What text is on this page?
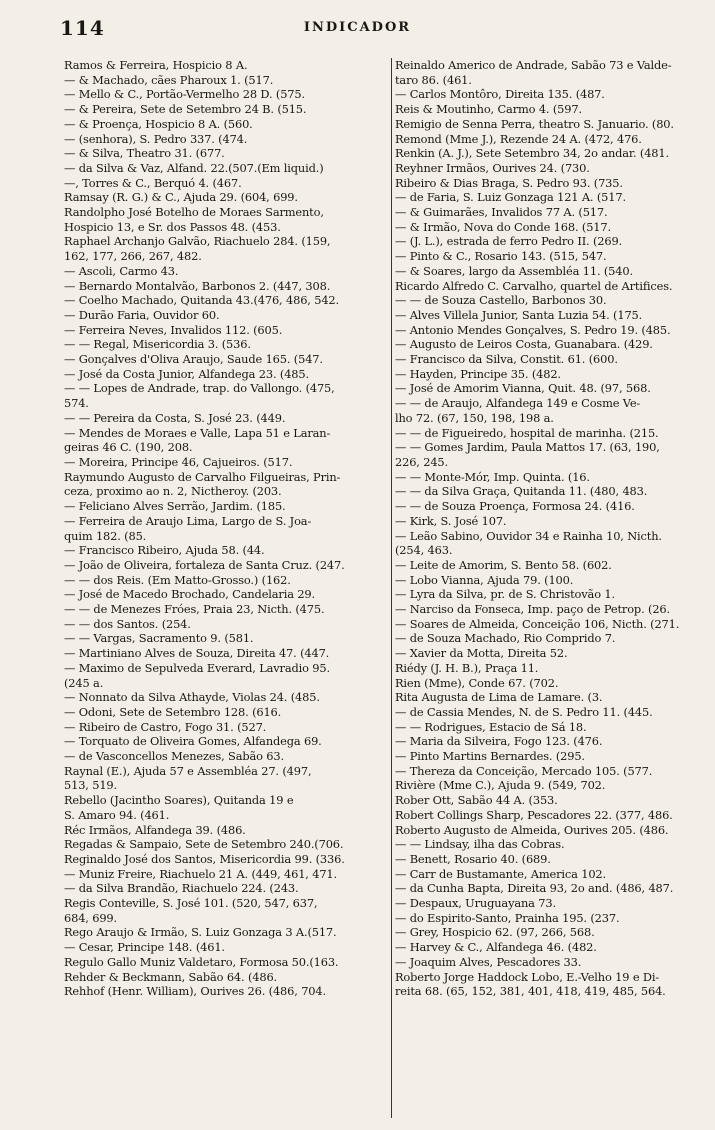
114	INDICADOR
Ramos & Ferreira, Hospicio 8 A.
— & Machado, cães Pharoux 1. (517.
— Mello & C., Portão-Vermelho 28 D. (575.
— & Pereira, Sete de Setembro 24 B. (515.
— & Proença, Hospicio 8 A. (560.
— (senhora), S. Pedro 337. (474.
— & Silva, Theatro 31. (677.
— da Silva & Vaz, Alfand. 22.(507.(Em liquid.)
—, Torres & C., Berquó 4. (467.
Ramsay (R. G.) & C., Ajuda 29. (604, 699.
Randolpho José Botelho de Moraes Sarmento,
Hospicio 13, e Sr. dos Passos 48. (453.
Raphael Archanjo Galvão, Riachuelo 284. (159,
162, 177, 266, 267, 482.
— Ascoli, Carmo 43.
— Bernardo Montalvão, Barbonos 2. (447, 308.
— Coelho Machado, Quitanda 43.(476, 486, 542.
— Durão Faria, Ouvidor 60.
— Ferreira Neves, Invalidos 112. (605.
— — Regal, Misericordia 3. (536.
— Gonçalves d'Oliva Araujo, Saude 165. (547.
— José da Costa Junior, Alfandega 23. (485.
— — Lopes de Andrade, trap. do Vallongo. (475,
574.
— — Pereira da Costa, S. José 23. (449.
— Mendes de Moraes e Valle, Lapa 51 e Laran-
geiras 46 C. (190, 208.
— Moreira, Principe 46, Cajueiros. (517.
Raymundo Augusto de Carvalho Filgueiras, Prin-
ceza, proximo ao n. 2, Nictheroy. (203.
— Feliciano Alves Serrão, Jardim. (185.
— Ferreira de Araujo Lima, Largo de S. Joa-
quim 182. (85.
— Francisco Ribeiro, Ajuda 58. (44.
— João de Oliveira, fortaleza de Santa Cruz. (247.
— — dos Reis. (Em Matto-Grosso.) (162.
— José de Macedo Brochado, Candelaria 29.
— — de Menezes Fróes, Praia 23, Nicth. (475.
— — dos Santos. (254.
— — Vargas, Sacramento 9. (581.
— Martiniano Alves de Souza, Direita 47. (447.
— Maximo de Sepulveda Everard, Lavradio 95.
(245 a.
— Nonnato da Silva Athayde, Violas 24. (485.
— Odoni, Sete de Setembro 128. (616.
— Ribeiro de Castro, Fogo 31. (527.
— Torquato de Oliveira Gomes, Alfandega 69.
— de Vasconcellos Menezes, Sabão 63.
Raynal (E.), Ajuda 57 e Assembléa 27. (497,
513, 519.
Rebello (Jacintho Soares), Quitanda 19 e
S. Amaro 94. (461.
Réc Irmãos, Alfandega 39. (486.
Regadas & Sampaio, Sete de Setembro 240.(706.
Reginaldo José dos Santos, Misericordia 99. (336.
— Muniz Freire, Riachuelo 21 A. (449, 461, 471.
— da Silva Brandão, Riachuelo 224. (243.
Regis Conteville, S. José 101. (520, 547, 637,
684, 699.
Rego Araujo & Irmão, S. Luiz Gonzaga 3 A.(517.
— Cesar, Principe 148. (461.
Regulo Gallo Muniz Valdetaro, Formosa 50.(163.
Rehder & Beckmann, Sabão 64. (486.
Rehhof (Henr. William), Ourives 26. (486, 704.
Reinaldo Americo de Andrade, Sabão 73 e Valde-
taro 86. (461.
— Carlos Montôro, Direita 135. (487.
Reis & Moutinho, Carmo 4. (597.
Remigio de Senna Perra, theatro S. Januario. (80.
Remond (Mme J.), Rezende 24 A. (472, 476.
Renkin (A. J.), Sete Setembro 34, 2o andar. (481.
Reyhner Irmãos, Ourives 24. (730.
Ribeiro & Dias Braga, S. Pedro 93. (735.
— de Faria, S. Luiz Gonzaga 121 A. (517.
— & Guimarães, Invalidos 77 A. (517.
— & Irmão, Nova do Conde 168. (517.
— (J. L.), estrada de ferro Pedro II. (269.
— Pinto & C., Rosario 143. (515, 547.
— & Soares, largo da Assembléa 11. (540.
Ricardo Alfredo C. Carvalho, quartel de Artifices.
— — de Souza Castello, Barbonos 30.
— Alves Villela Junior, Santa Luzia 54. (175.
— Antonio Mendes Gonçalves, S. Pedro 19. (485.
— Augusto de Leiros Costa, Guanabara. (429.
— Francisco da Silva, Constit. 61. (600.
— Hayden, Principe 35. (482.
— José de Amorim Vianna, Quit. 48. (97, 568.
— — de Araujo, Alfandega 149 e Cosme Ve-
lho 72. (67, 150, 198, 198 a.
— — de Figueiredo, hospital de marinha. (215.
— — Gomes Jardim, Paula Mattos 17. (63, 190,
226, 245.
— — Monte-Mór, Imp. Quinta. (16.
— — da Silva Graça, Quitanda 11. (480, 483.
— — de Souza Proença, Formosa 24. (416.
— Kirk, S. José 107.
— Leão Sabino, Ouvidor 34 e Rainha 10, Nicth.
(254, 463.
— Leite de Amorim, S. Bento 58. (602.
— Lobo Vianna, Ajuda 79. (100.
— Lyra da Silva, pr. de S. Christovão 1.
— Narciso da Fonseca, Imp. paço de Petrop. (26.
— Soares de Almeida, Conceição 106, Nicth. (271.
— de Souza Machado, Rio Comprido 7.
— Xavier da Motta, Direita 52.
Riédy (J. H. B.), Praça 11.
Rien (Mme), Conde 67. (702.
Rita Augusta de Lima de Lamare. (3.
— de Cassia Mendes, N. de S. Pedro 11. (445.
— — Rodrigues, Estacio de Sá 18.
— Maria da Silveira, Fogo 123. (476.
— Pinto Martins Bernardes. (295.
— Thereza da Conceição, Mercado 105. (577.
Rivière (Mme C.), Ajuda 9. (549, 702.
Rober Ott, Sabão 44 A. (353.
Robert Collings Sharp, Pescadores 22. (377, 486.
Roberto Augusto de Almeida, Ourives 205. (486.
— — Lindsay, ilha das Cobras.
— Benett, Rosario 40. (689.
— Carr de Bustamante, America 102.
— da Cunha Bapta, Direita 93, 2o and. (486, 487.
— Despaux, Uruguayana 73.
— do Espirito-Santo, Prainha 195. (237.
— Grey, Hospicio 62. (97, 266, 568.
— Harvey & C., Alfandega 46. (482.
— Joaquim Alves, Pescadores 33.
Roberto Jorge Haddock Lobo, E.-Velho 19 e Di-
reita 68. (65, 152, 381, 401, 418, 419, 485, 564.
